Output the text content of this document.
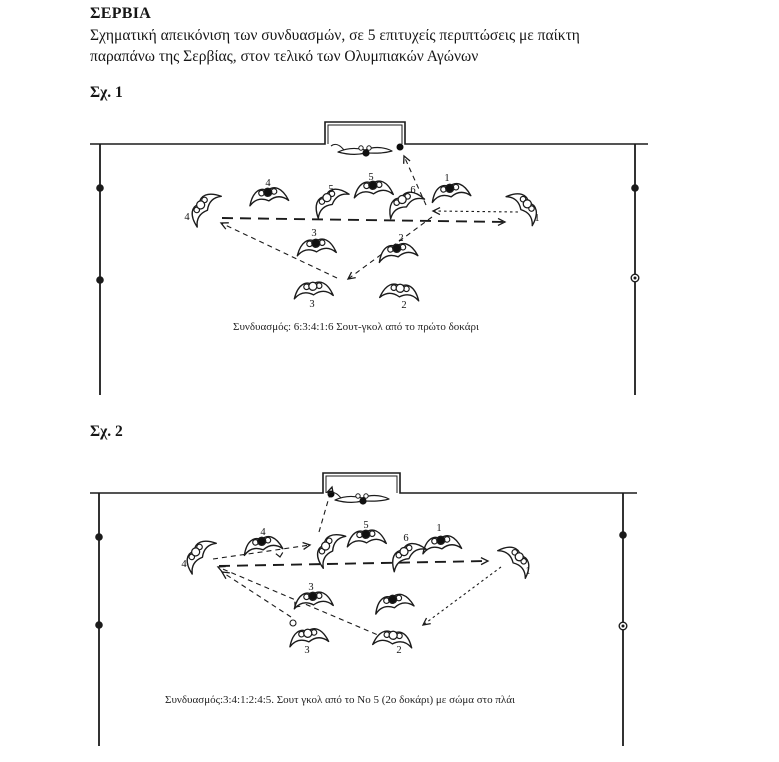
ΣΕΡΒΙΑ
Σχηματική απεικόνιση των συνδυασμών, σε 5 επιτυχείς περιπτώσεις με παίκτη παραπάνω της Σερβίας, στον τελικό των Ολυμπιακών Αγώνων
Σχ. 1
4
5	1
3	2
4
5	6
1
3	2
Συνδυασμός: 6:3:4:1:6 Σουτ-γκολ από το πρώτο δοκάρι
Σχ. 2
4
5	1
3
4
6
1
3	2
Συνδυασμός:3:4:1:2:4:5. Σουτ γκολ από το Νο 5 (2ο δοκάρι) με σώμα στο πλάι
